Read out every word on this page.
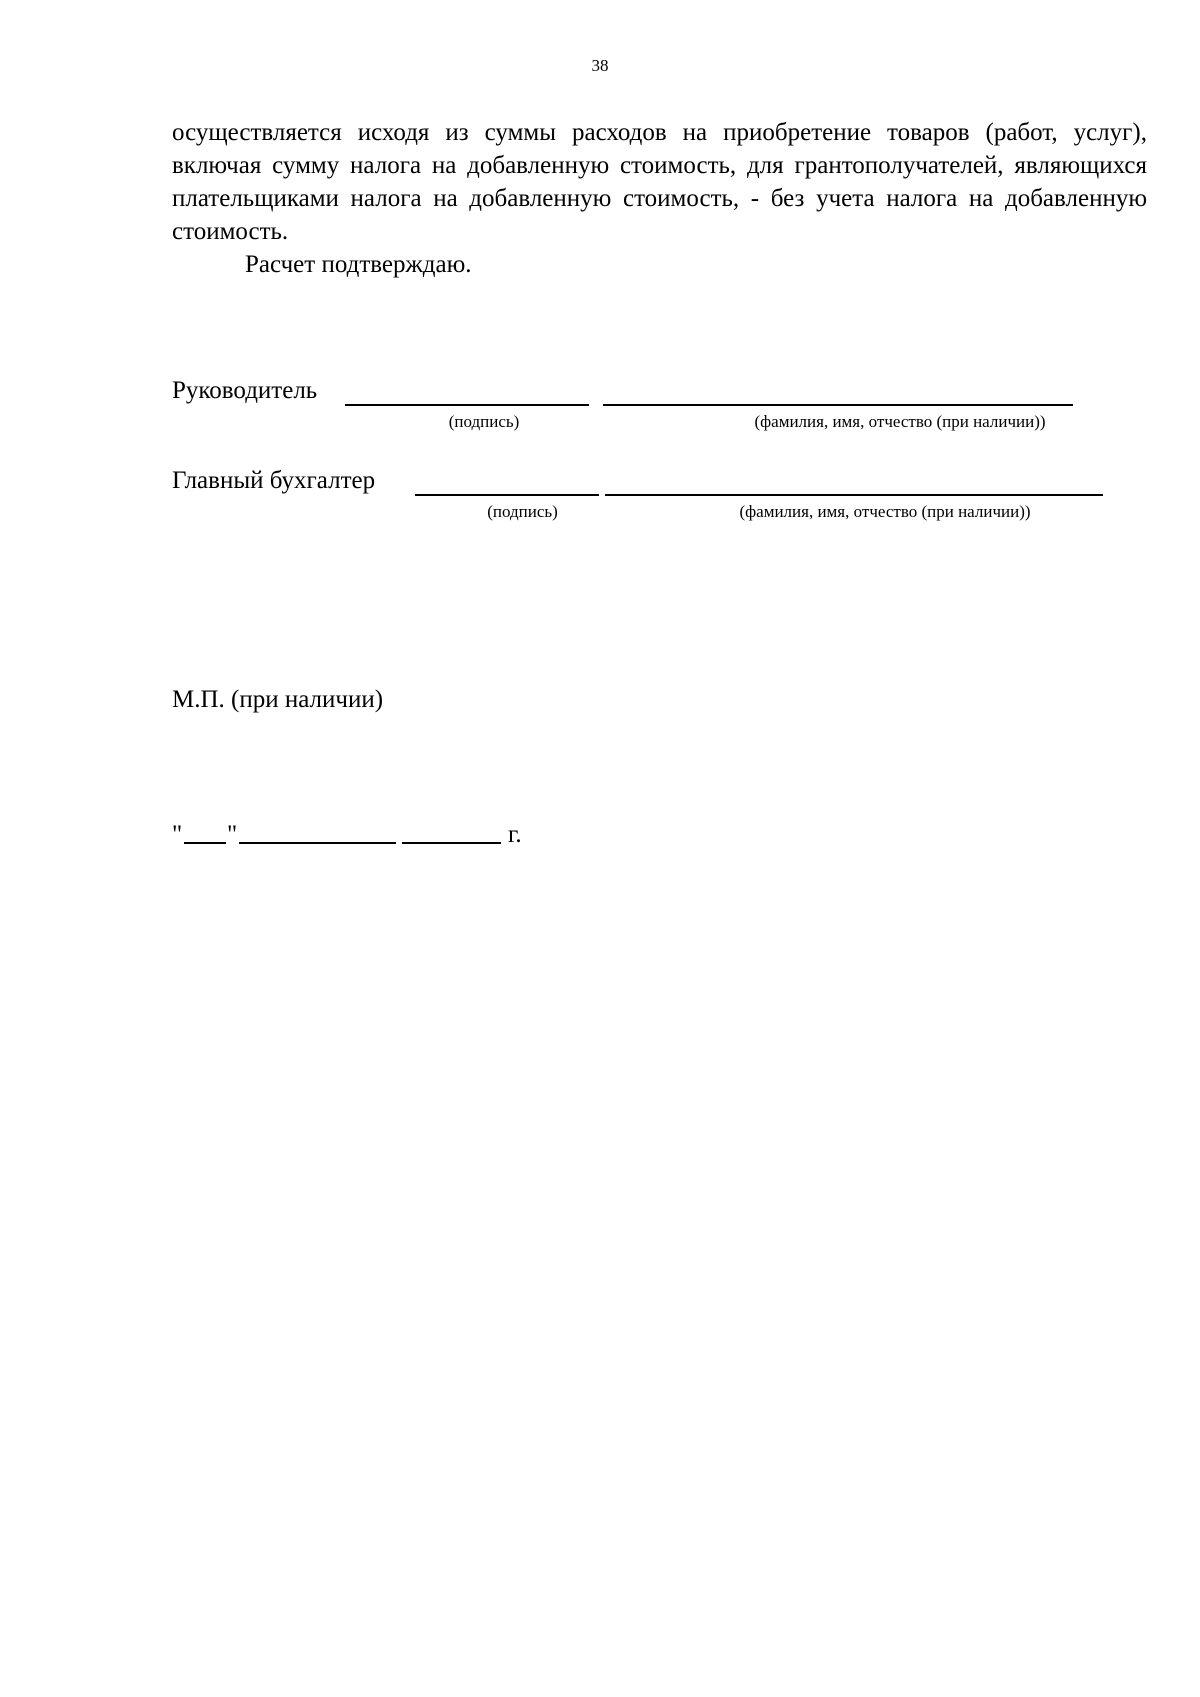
38

осуществляется исходя из суммы расходов на приобретение товаров (работ, услуг), включая сумму налога на добавленную стоимость, для грантополучателей, являющихся плательщиками налога на добавленную стоимость, - без учета налога на добавленную стоимость.

Расчет подтверждаю.

Руководитель
(подпись)	(фамилия, имя, отчество (при наличии))
Главный бухгалтер
(подпись)	(фамилия, имя, отчество (при наличии))
М.П. (при наличии)
" "	г.
